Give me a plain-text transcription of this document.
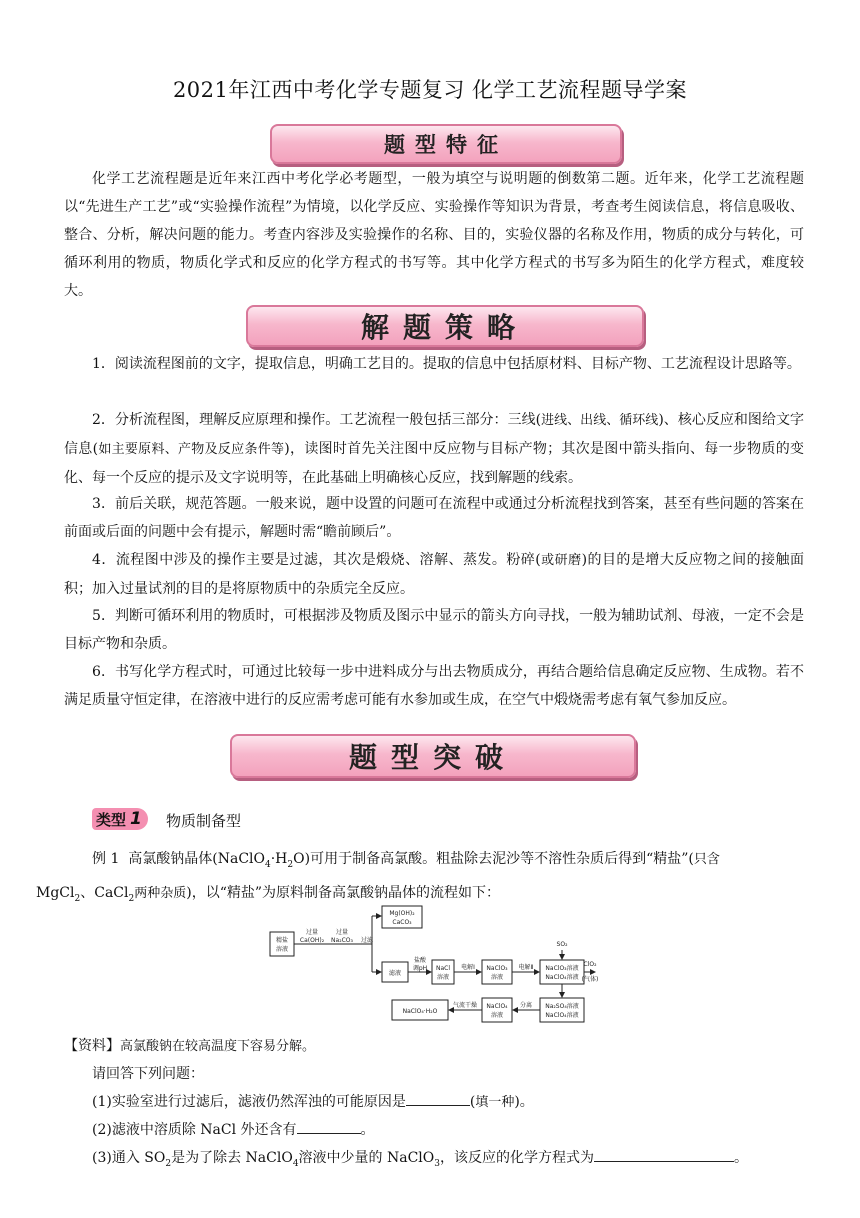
2021年江西中考化学专题复习 化学工艺流程题导学案
题型特征
化学工艺流程题是近年来江西中考化学必考题型，一般为填空与说明题的倒数第二题。近年来，化学工艺流程题以“先进生产工艺”或“实验操作流程”为情境，以化学反应、实验操作等知识为背景，考查考生阅读信息，将信息吸收、整合、分析，解决问题的能力。考查内容涉及实验操作的名称、目的，实验仪器的名称及作用，物质的成分与转化，可循环利用的物质，物质化学式和反应的化学方程式的书写等。其中化学方程式的书写多为陌生的化学方程式，难度较大。
解题策略
1．阅读流程图前的文字，提取信息，明确工艺目的。提取的信息中包括原材料、目标产物、工艺流程设计思路等。
2．分析流程图，理解反应原理和操作。工艺流程一般包括三部分：三线(进线、出线、循环线)、核心反应和图给文字信息(如主要原料、产物及反应条件等)，读图时首先关注图中反应物与目标产物；其次是图中箭头指向、每一步物质的变化、每一个反应的提示及文字说明等，在此基础上明确核心反应，找到解题的线索。
3．前后关联，规范答题。一般来说，题中设置的问题可在流程中或通过分析流程找到答案，甚至有些问题的答案在前面或后面的问题中会有提示，解题时需“瞻前顾后”。
4．流程图中涉及的操作主要是过滤，其次是煅烧、溶解、蒸发。粉碎(或研磨)的目的是增大反应物之间的接触面积；加入过量试剂的目的是将原物质中的杂质完全反应。
5．判断可循环利用的物质时，可根据涉及物质及图示中显示的箭头方向寻找，一般为辅助试剂、母液，一定不会是目标产物和杂质。
6．书写化学方程式时，可通过比较每一步中进料成分与出去物质成分，再结合题给信息确定反应物、生成物。若不满足质量守恒定律，在溶液中进行的反应需考虑可能有水参加或生成，在空气中煅烧需考虑有氧气参加反应。
题型突破
类型 1 物质制备型
例 1 高氯酸钠晶体$(NaClO_4\cdot H_2O)$可用于制备高氯酸。粗盐除去泥沙等不溶性杂质后得到“精盐”(只含
MgCl$_2$、CaCl$_2$两种杂质)，以“精盐”为原料制备高氯酸钠晶体的流程如下：
精盐
溶液
过量
Ca(OH)₂
过量
Na₂CO₃ 过滤
Mg(OH)₂
CaCO₃
滤液
盐酸
调pH NaCl
溶液
电解Ⅰ NaClO₃
溶液
电解Ⅱ NaClO₃溶液
NaClO₄溶液
SO₂
ClO₂
(气体)
Na₂SO₄溶液
NaClO₄溶液
分离
NaClO₄
溶液
气流干燥
NaClO₄·H₂O
【资料】高氯酸钠在较高温度下容易分解。
请回答下列问题：
(1)实验室进行过滤后，滤液仍然浑浊的可能原因是	(填一种)。
(2)滤液中溶质除 NaCl 外还含有	。
(3)通入 $SO_2$是为了除去 NaClO$_4$溶液中少量的 NaClO$_3$，该反应的化学方程式为	。
